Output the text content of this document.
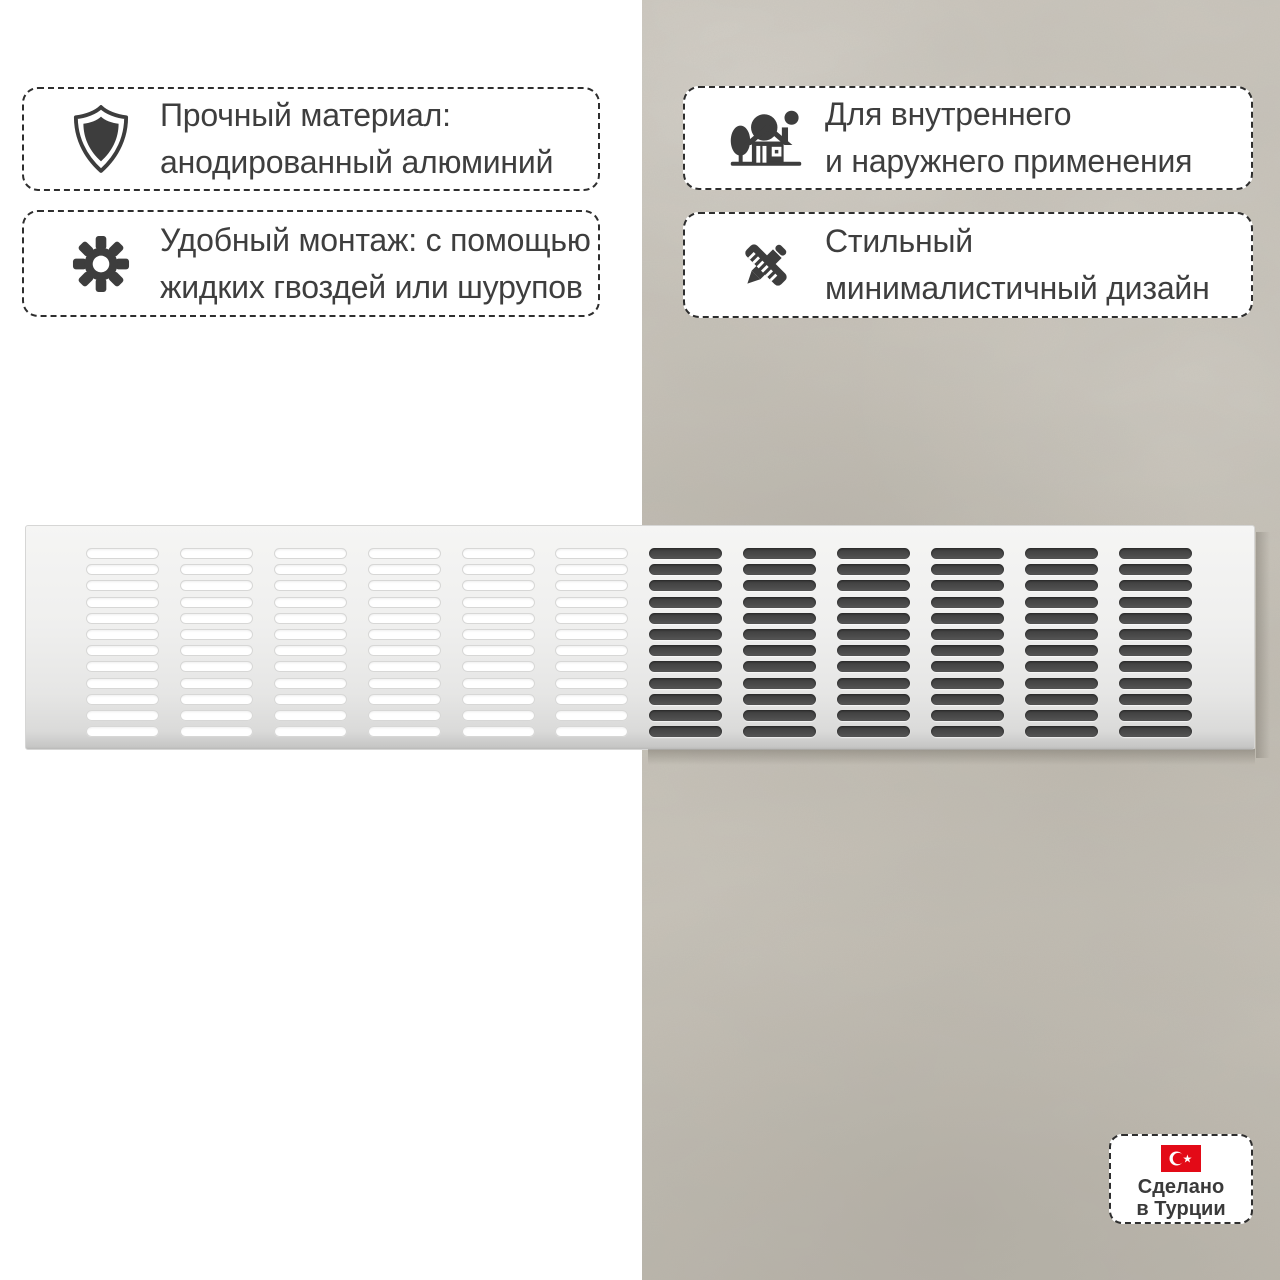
Прочный материал:
анодированный алюминий
Удобный монтаж: с помощью
жидких гвоздей или шурупов
Для внутреннего
и наружнего применения
Стильный
минималистичный дизайн
★
Сделано
в Турции
